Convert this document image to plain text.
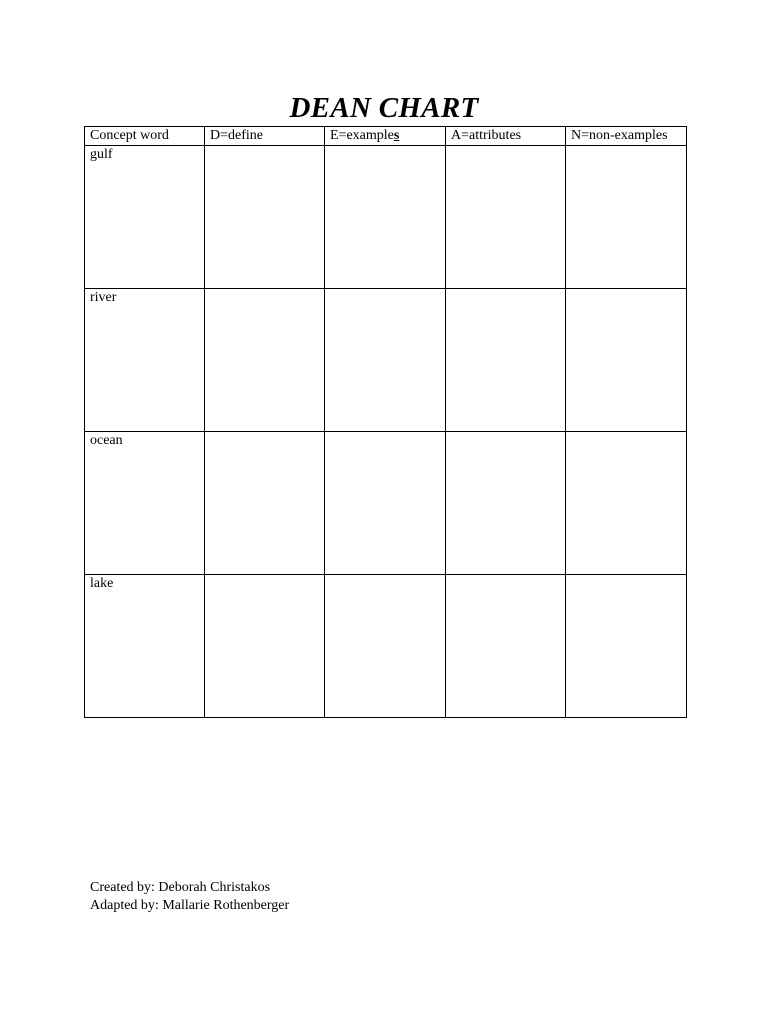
DEAN CHART
Concept word	D=define	E=examples	A=attributes	N=non-examples
gulf				
river				
ocean				
lake				
Created by: Deborah Christakos
Adapted by: Mallarie Rothenberger
